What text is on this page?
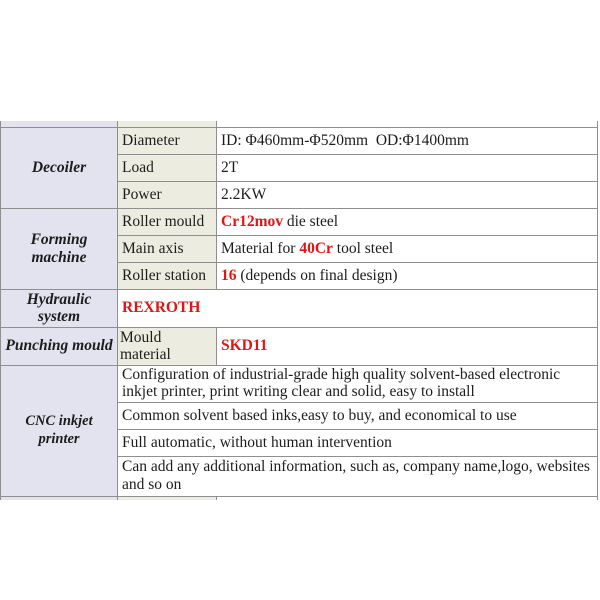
Decoiler	Diameter	ID: Φ460mm-Φ520mm  OD:Φ1400mm
	Load	2T
	Power	2.2KW
Forming machine	Roller mould	Cr12mov die steel
	Main axis	Material for 40Cr tool steel
	Roller station	16 (depends on final design)
Hydraulic system	REXROTH	
Punching mould	Mould material	SKD11
CNC inkjet printer	Configuration of industrial-grade high quality solvent-based electronic inkjet printer, print writing clear and solid, easy to install	
	Common solvent based inks,easy to buy, and economical to use	
	Full automatic, without human intervention	
	Can add any additional information, such as, company name,logo, websites and so on	
